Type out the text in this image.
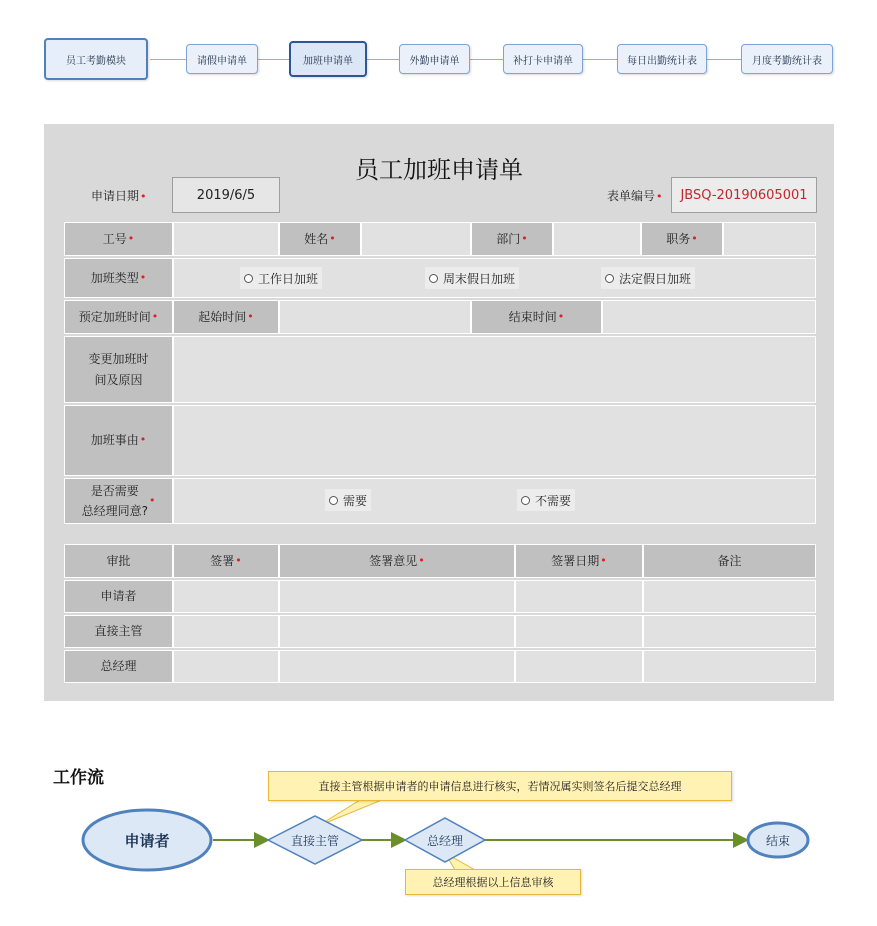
员工考勤模块	请假申请单	加班申请单	外勤申请单	补打卡申请单	每日出勤统计表	月度考勤统计表
员工加班申请单
申请日期•	2019/6/5	表单编号•	JBSQ-20190605001
工号 •	姓名 •	部门 •	职务 •
加班类型 •	工作日加班	周末假日加班	法定假日加班
预定加班时间 •	起始时间 •	结束时间 •
变更加班时
间及原因
加班事由 •
是否需要
总经理同意?
•	需要	不需要
审批	签署 •	签署意见 •	签署日期 •	备注
申请者
直接主管
总经理
工作流
申请者	直接主管	总经理	结束
直接主管根据申请者的申请信息进行核实，若情况属实则签名后提交总经理
总经理根据以上信息审核
